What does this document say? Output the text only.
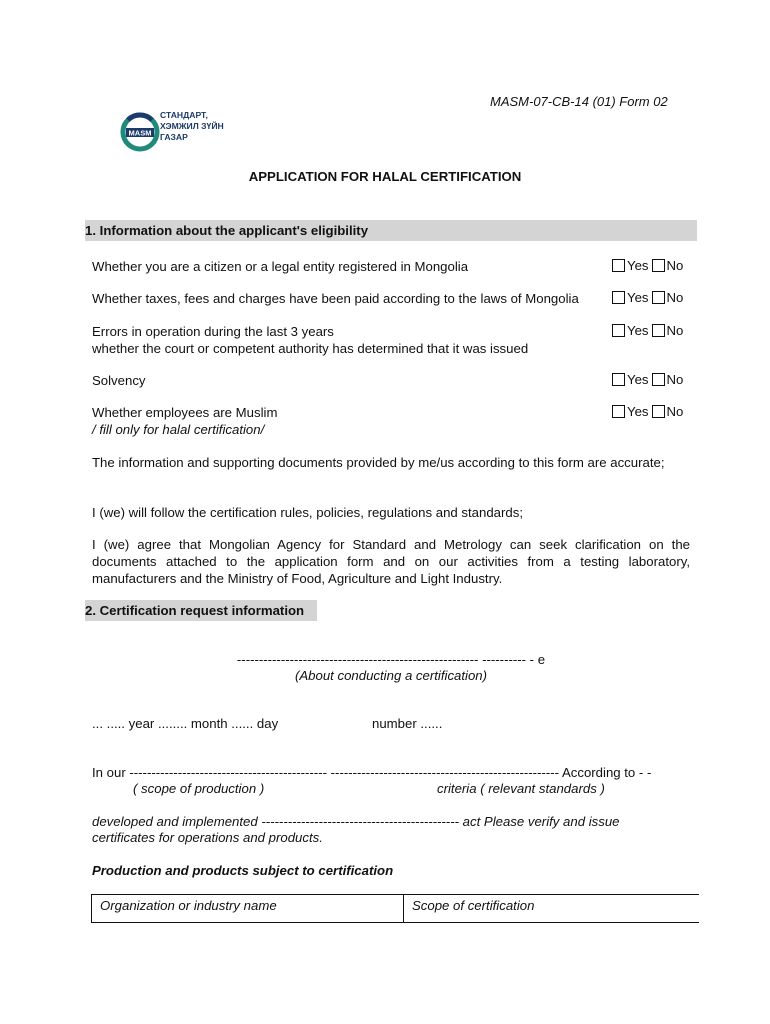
MASM-07-CB-14 (01) Form 02
MASM
СТАНДАРТ,
ХЭМЖИЛ ЗҮЙН
ГАЗАР
APPLICATION FOR HALAL CERTIFICATION
1. Information about the applicant's eligibility
Whether you are a citizen or a legal entity registered in Mongolia	Yes No
Whether taxes, fees and charges have been paid according to the laws of Mongolia	Yes No
Errors in operation during the last 3 years
whether the court or competent authority has determined that it was issued
Yes No
Solvency	Yes No
Whether employees are Muslim
/ fill only for halal certification/
Yes No
The information and supporting documents provided by me/us according to this form are accurate;
I (we) will follow the certification rules, policies, regulations and standards;
I (we) agree that Mongolian Agency for Standard and Metrology can seek clarification on the documents attached to the application form and on our activities from a testing laboratory, manufacturers and the Ministry of Food, Agriculture and Light Industry.
2. Certification request information
------------------------------------------------------- ---------- - e
(About conducting a certification)
... ..... year ........ month ...... day	number ......
In our --------------------------------------------- ---------------------------------------------------- According to - -
( scope of production )	criteria ( relevant standards )
developed and implemented --------------------------------------------- act Please verify and issue
certificates for operations and products.
Production and products subject to certification
Organization or industry name	Scope of certification
